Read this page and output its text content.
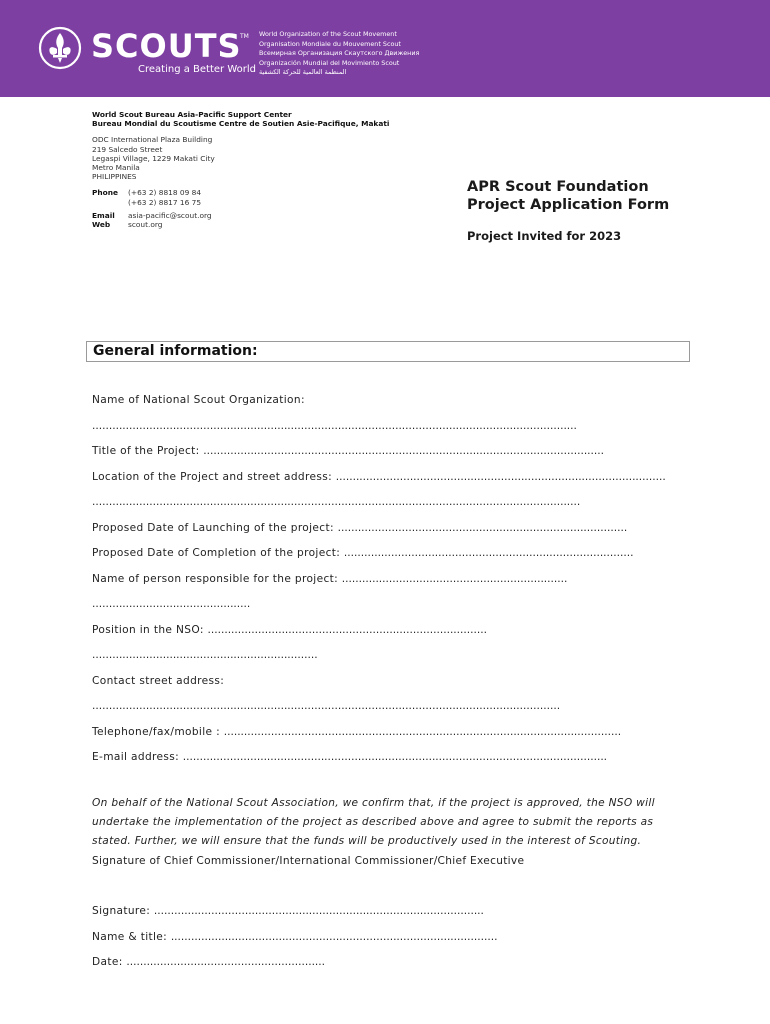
SCOUTS
TM
Creating a Better World
World Organization of the Scout Movement
Organisation Mondiale du Mouvement Scout
Всемирная Организация Скаутского Движения
Organización Mundial del Movimiento Scout
المنظمة العالمية للحركة الكشفية
World Scout Bureau Asia-Pacific Support Center
Bureau Mondial du Scoutisme Centre de Soutien Asie-Pacifique, Makati
ODC International Plaza Building
219 Salcedo Street
Legaspi Village, 1229 Makati City
Metro Manila
PHILIPPINES
Phone	(+63 2) 8818 09 84
(+63 2) 8817 16 75
Email	asia-pacific@scout.org
Web	scout.org
APR Scout Foundation
Project Application Form
Project Invited for 2023
General information:
Name of National Scout Organization:
................................................................................................................................................
Title of the Project: .......................................................................................................................
Location of the Project and street address: ..................................................................................................
.................................................................................................................................................
Proposed Date of Launching of the project: ......................................................................................
Proposed Date of Completion of the project: ......................................................................................
Name of person responsible for the project: ...................................................................
...............................................
Position in the NSO: ...................................................................................
...................................................................
Contact street address:
...........................................................................................................................................
Telephone/fax/mobile : ......................................................................................................................
E-mail address: ..............................................................................................................................
On behalf of the National Scout Association, we confirm that, if the project is approved, the NSO will undertake the implementation of the project as described above and agree to submit the reports as stated. Further, we will ensure that the funds will be productively used in the interest of Scouting.
Signature of Chief Commissioner/International Commissioner/Chief Executive
Signature: ..................................................................................................
Name & title: .................................................................................................
Date: ...........................................................
